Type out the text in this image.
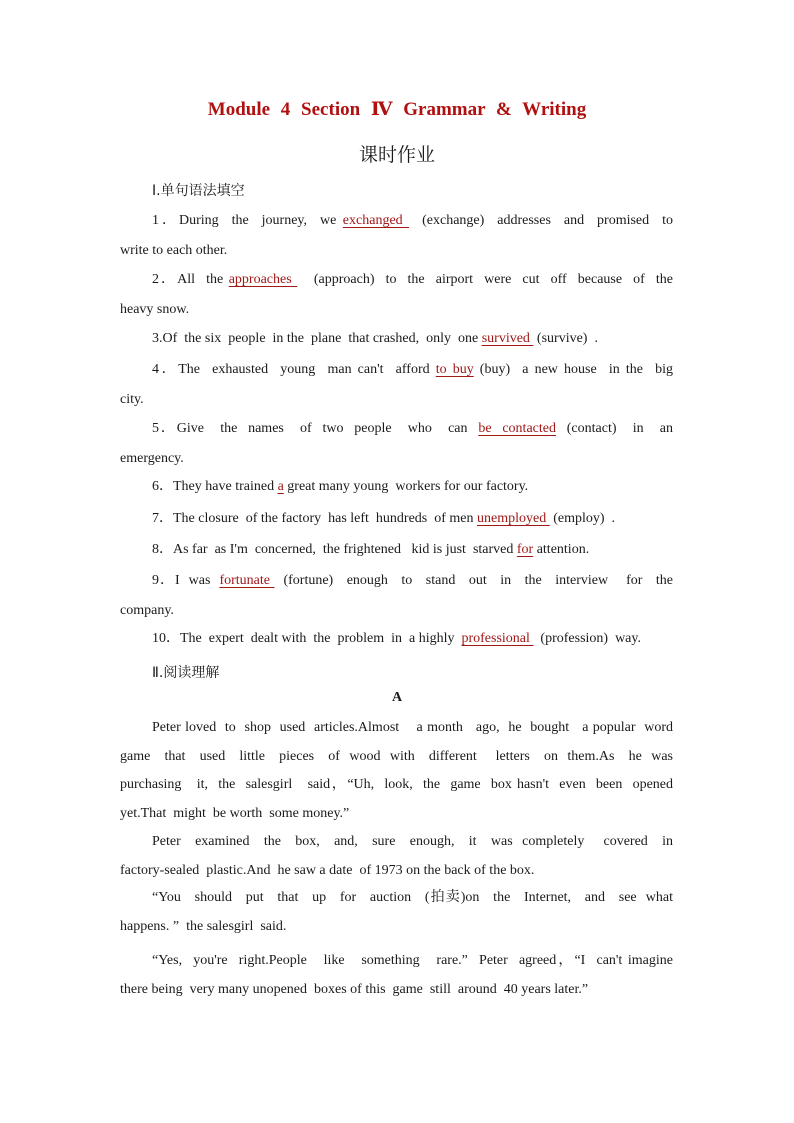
Module 4 Section Ⅳ Grammar & Writing
课时作业
Ⅰ.单句语法填空
1．During  the  journey,  we exchanged   (exchange)  addresses  and  promised  to
write to each other.
2．All  the approaches    (approach)  to  the  airport  were  cut  off  because  of  the
heavy snow.
3.Of  the six  people  in the  plane  that crashed,  only  one survived  (survive)  .
4．The  exhausted  young  man can't  afford to buy (buy)  a new house  in the  big
city.
5．Give   the  names   of  two  people   who   can  be  contacted  (contact)   in   an
emergency.
6．They have trained a great many young  workers for our factory.
7．The closure  of the factory  has left  hundreds  of men unemployed  (employ)  .
8．As far  as I'm  concerned,  the frightened   kid is just  starved for attention.
9．I  was  fortunate   (fortune)   enough   to   stand   out   in   the   interview    for   the
company.
10．The  expert  dealt with  the  problem  in  a highly  professional   (profession)  way.
Ⅱ.阅读理解
A
Peter loved  to  shop  used  articles.Almost    a month   ago,  he  bought   a popular  word
game   that   used   little   pieces   of  wood  with   different    letters   on  them.As   he  was
purchasing   it,  the  salesgirl   said，“Uh,  look,  the  game  box hasn't  even  been  opened
yet.That  might  be worth  some money.”
Peter   examined   the   box,   and,   sure   enough,   it   was  completely    covered   in
factory-sealed  plastic.And  he saw a date  of 1973 on the back of the box.
“You   should   put   that   up   for   auction   (拍卖)on   the   Internet,   and   see  what
happens. ”  the salesgirl  said.
“Yes,  you're  right.People   like   something   rare.”  Peter  agreed，“I  can't imagine
there being  very many unopened  boxes of this  game  still  around  40 years later.”
